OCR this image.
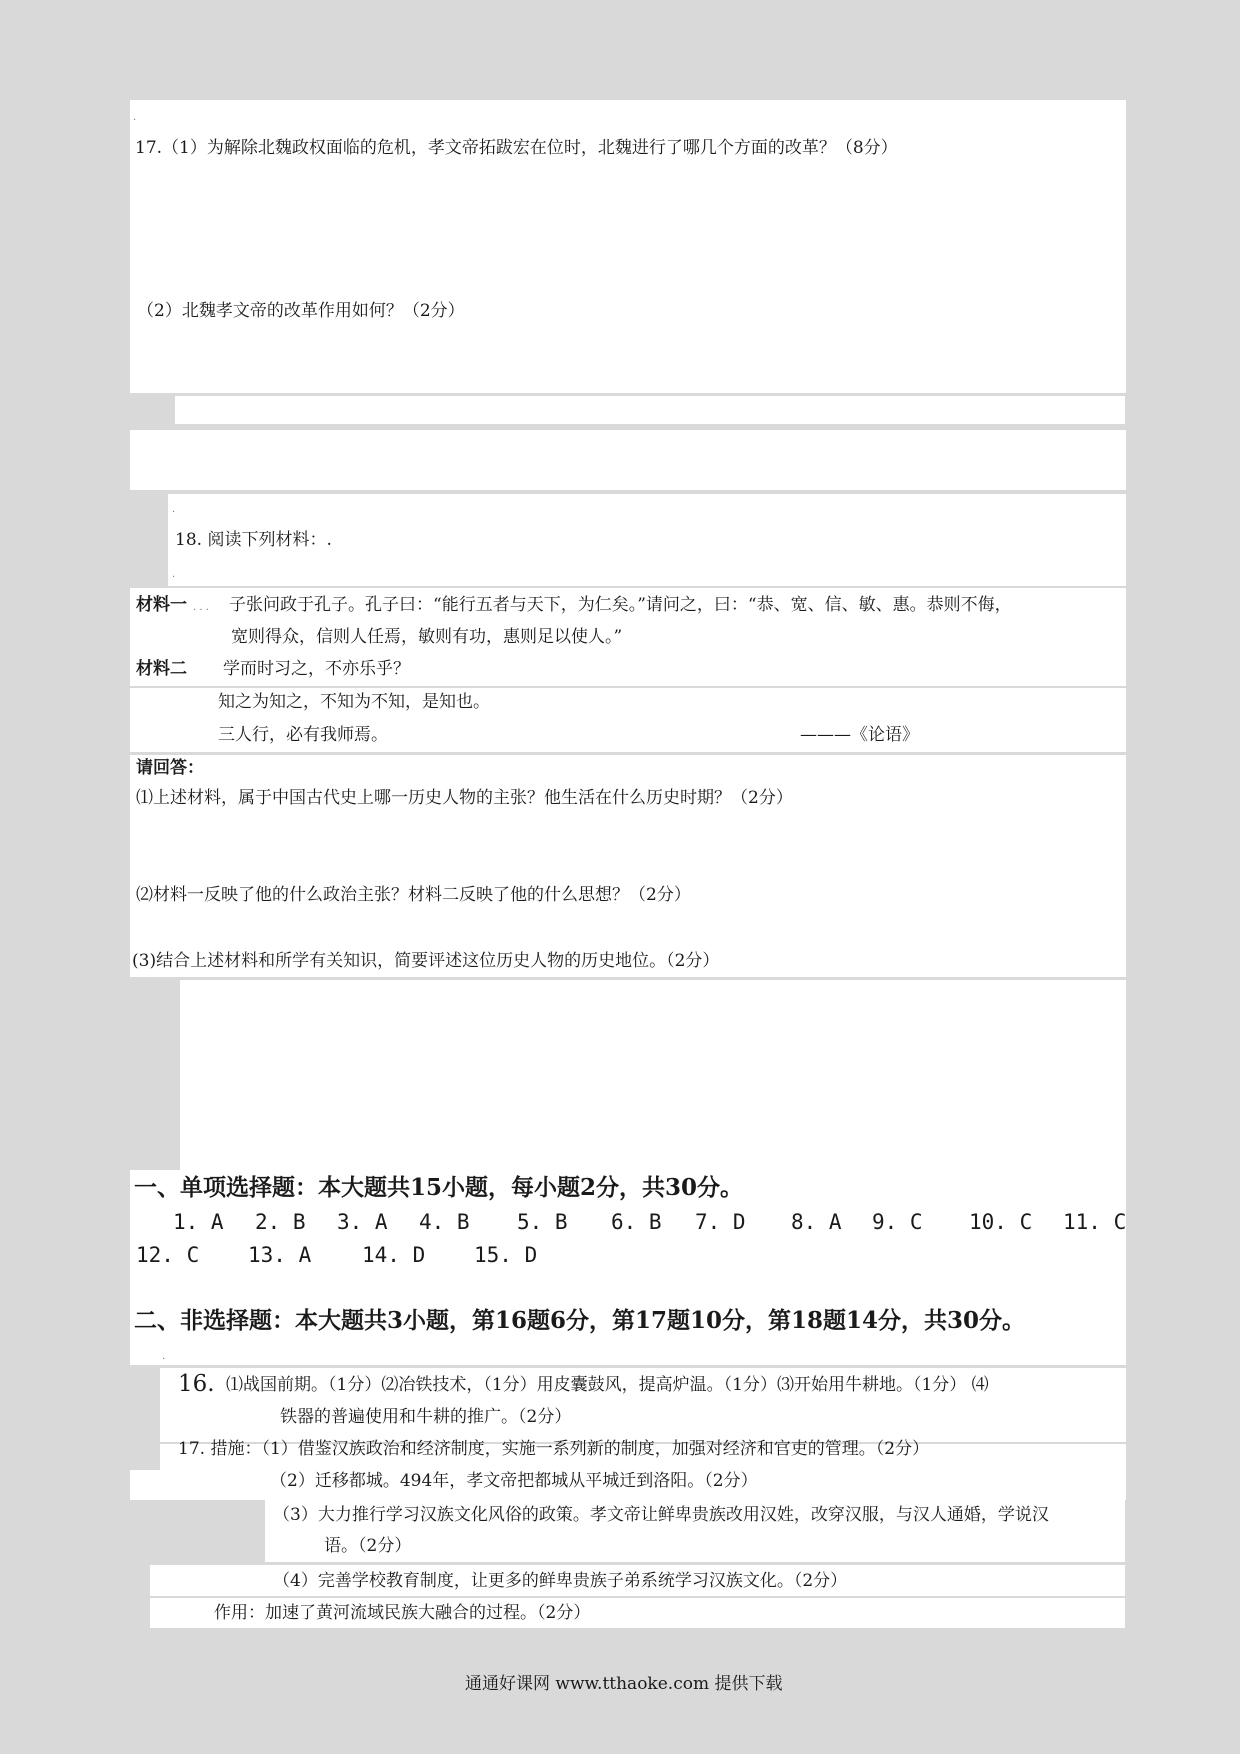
.
.
.
.
17.（1）为解除北魏政权面临的危机，孝文帝拓跋宏在位时，北魏进行了哪几个方面的改革？（8分）
（2）北魏孝文帝的改革作用如何？（2分）
18. 阅读下列材料：.
材料一 . . . 子张问政于孔子。孔子曰：“能行五者与天下，为仁矣。”请问之，曰：“恭、宽、信、敏、惠。恭则不侮，
宽则得众，信则人任焉，敏则有功，惠则足以使人。”
材料二 学而时习之，不亦乐乎？
知之为知之，不知为不知，是知也。
三人行，必有我师焉。	———《论语》
请回答：
⑴上述材料，属于中国古代史上哪一历史人物的主张？他生活在什么历史时期？（2分）
⑵材料一反映了他的什么政治主张？材料二反映了他的什么思想？（2分）
(3)结合上述材料和所学有关知识，简要评述这位历史人物的历史地位。（2分）
一、单项选择题：本大题共15小题，每小题2分，共30分。
1. A 2. B 3. A 4. B 5. B 6. B 7. D 8. A 9. C 10. C 11. C
12. C 13. A 14. D 15. D
二、非选择题：本大题共3小题，第16题6分，第17题10分，第18题14分，共30分。
16. ⑴战国前期。（1分）⑵冶铁技术，（1分）用皮囊鼓风，提高炉温。（1分）⑶开始用牛耕地。（1分） ⑷
铁器的普遍使用和牛耕的推广。（2分）
17. 措施：（1）借鉴汉族政治和经济制度，实施一系列新的制度，加强对经济和官吏的管理。（2分）
（2）迁移都城。494年，孝文帝把都城从平城迁到洛阳。（2分）
（3）大力推行学习汉族文化风俗的政策。孝文帝让鲜卑贵族改用汉姓，改穿汉服，与汉人通婚，学说汉
语。（2分）
（4）完善学校教育制度，让更多的鲜卑贵族子弟系统学习汉族文化。（2分）
作用：加速了黄河流域民族大融合的过程。（2分）
通通好课网 www.tthaoke.com 提供下载
